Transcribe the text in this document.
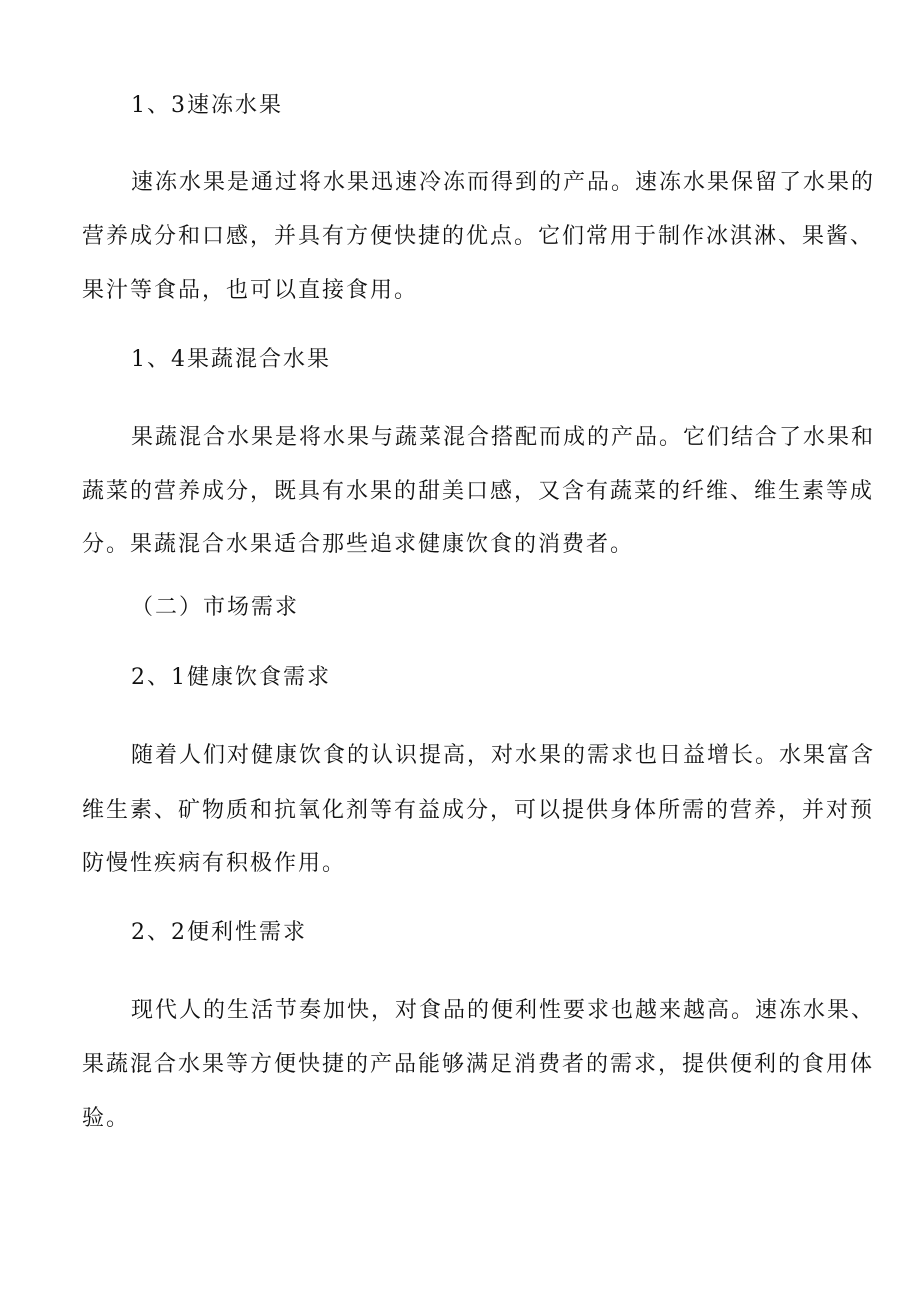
1、3速冻水果

速冻水果是通过将水果迅速冷冻而得到的产品。速冻水果保留了水果的

营养成分和口感，并具有方便快捷的优点。它们常用于制作冰淇淋、果酱、

果汁等食品，也可以直接食用。

1、4果蔬混合水果

果蔬混合水果是将水果与蔬菜混合搭配而成的产品。它们结合了水果和

蔬菜的营养成分，既具有水果的甜美口感，又含有蔬菜的纤维、维生素等成

分。果蔬混合水果适合那些追求健康饮食的消费者。

（二）市场需求

2、1健康饮食需求

随着人们对健康饮食的认识提高，对水果的需求也日益增长。水果富含

维生素、矿物质和抗氧化剂等有益成分，可以提供身体所需的营养，并对预

防慢性疾病有积极作用。

2、2便利性需求

现代人的生活节奏加快，对食品的便利性要求也越来越高。速冻水果、

果蔬混合水果等方便快捷的产品能够满足消费者的需求，提供便利的食用体

验。
